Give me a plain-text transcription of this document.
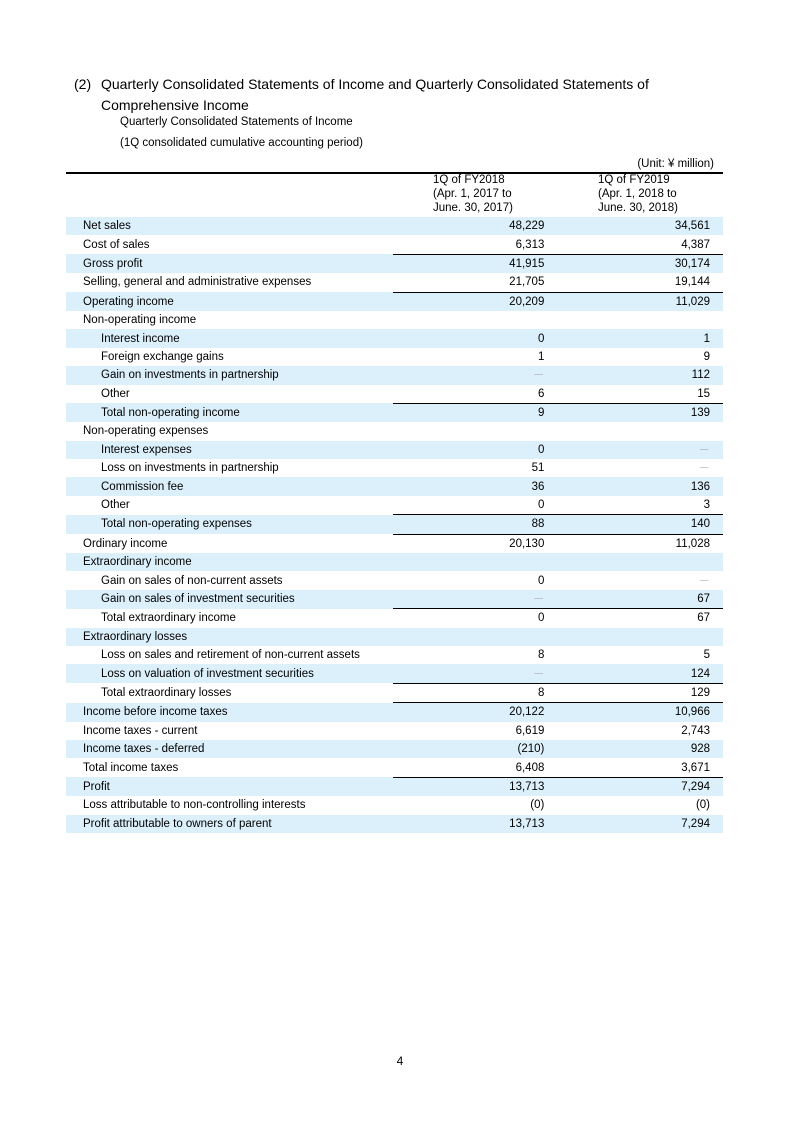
(2) Quarterly Consolidated Statements of Income and Quarterly Consolidated Statements of Comprehensive Income
Quarterly Consolidated Statements of Income
(1Q consolidated cumulative accounting period)
(Unit: ¥ million)
1Q of FY2018
(Apr. 1, 2017 to
June. 30, 2017)
1Q of FY2019
(Apr. 1, 2018 to
June. 30, 2018)
Net sales	48,229	34,561
Cost of sales	6,313	4,387
Gross profit	41,915	30,174
Selling, general and administrative expenses	21,705	19,144
Operating income	20,209	11,029
Non-operating income		
Interest income	0	1
Foreign exchange gains	1	9
Gain on investments in partnership	－	112
Other	6	15
Total non-operating income	9	139
Non-operating expenses		
Interest expenses	0	－
Loss on investments in partnership	51	－
Commission fee	36	136
Other	0	3
Total non-operating expenses	88	140
Ordinary income	20,130	11,028
Extraordinary income		
Gain on sales of non-current assets	0	－
Gain on sales of investment securities	－	67
Total extraordinary income	0	67
Extraordinary losses		
Loss on sales and retirement of non-current assets	8	5
Loss on valuation of investment securities	－	124
Total extraordinary losses	8	129
Income before income taxes	20,122	10,966
Income taxes - current	6,619	2,743
Income taxes - deferred	(210)	928
Total income taxes	6,408	3,671
Profit	13,713	7,294
Loss attributable to non-controlling interests	(0)	(0)
Profit attributable to owners of parent	13,713	7,294
4
